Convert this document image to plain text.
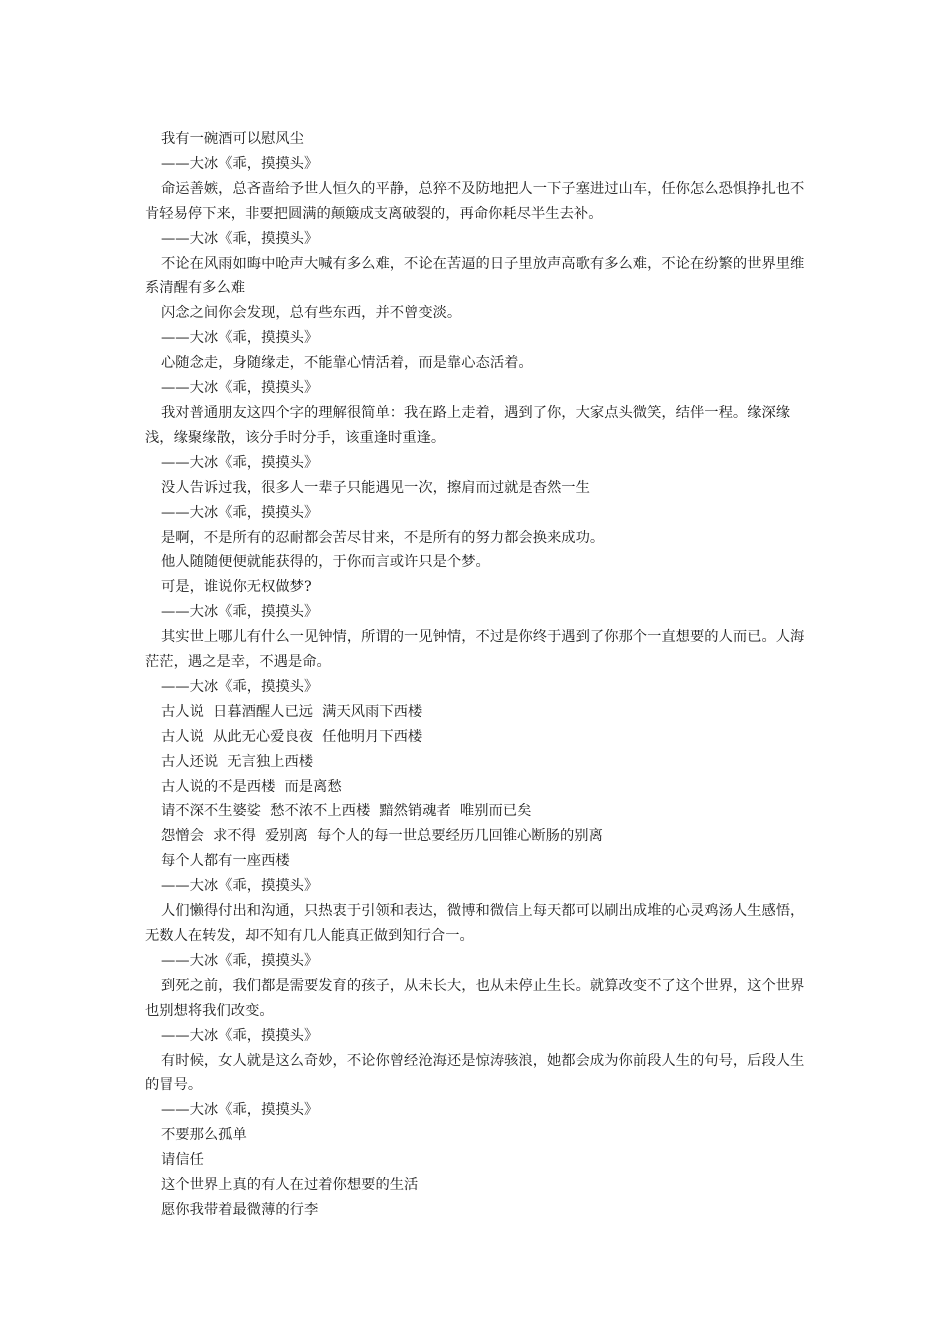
我有一碗酒可以慰风尘

——大冰《乖，摸摸头》

命运善嫉，总吝啬给予世人恒久的平静，总猝不及防地把人一下子塞进过山车，任你怎么恐惧挣扎也不肯轻易停下来，非要把圆满的颠簸成支离破裂的，再命你耗尽半生去补。

——大冰《乖，摸摸头》

不论在风雨如晦中呛声大喊有多么难，不论在苦逼的日子里放声高歌有多么难，不论在纷繁的世界里维系清醒有多么难

闪念之间你会发现，总有些东西，并不曾变淡。

——大冰《乖，摸摸头》

心随念走，身随缘走，不能靠心情活着，而是靠心态活着。

——大冰《乖，摸摸头》

我对普通朋友这四个字的理解很简单：我在路上走着，遇到了你，大家点头微笑，结伴一程。缘深缘浅，缘聚缘散，该分手时分手，该重逢时重逢。

——大冰《乖，摸摸头》

没人告诉过我，很多人一辈子只能遇见一次，擦肩而过就是杳然一生

——大冰《乖，摸摸头》

是啊，不是所有的忍耐都会苦尽甘来，不是所有的努力都会换来成功。

他人随随便便就能获得的，于你而言或许只是个梦。

可是，谁说你无权做梦?

——大冰《乖，摸摸头》

其实世上哪儿有什么一见钟情，所谓的一见钟情，不过是你终于遇到了你那个一直想要的人而已。人海茫茫，遇之是幸，不遇是命。

——大冰《乖，摸摸头》

古人说  日暮酒醒人已远  满天风雨下西楼

古人说  从此无心爱良夜  任他明月下西楼

古人还说  无言独上西楼

古人说的不是西楼  而是离愁

请不深不生婆娑  愁不浓不上西楼  黯然销魂者  唯别而已矣

怨憎会  求不得  爱别离  每个人的每一世总要经历几回锥心断肠的别离

每个人都有一座西楼

——大冰《乖，摸摸头》

人们懒得付出和沟通，只热衷于引领和表达，微博和微信上每天都可以刷出成堆的心灵鸡汤人生感悟，无数人在转发，却不知有几人能真正做到知行合一。

——大冰《乖，摸摸头》

到死之前，我们都是需要发育的孩子，从未长大，也从未停止生长。就算改变不了这个世界，这个世界也别想将我们改变。

——大冰《乖，摸摸头》

有时候，女人就是这么奇妙，不论你曾经沧海还是惊涛骇浪，她都会成为你前段人生的句号，后段人生的冒号。

——大冰《乖，摸摸头》

不要那么孤单

请信任

这个世界上真的有人在过着你想要的生活

愿你我带着最微薄的行李
